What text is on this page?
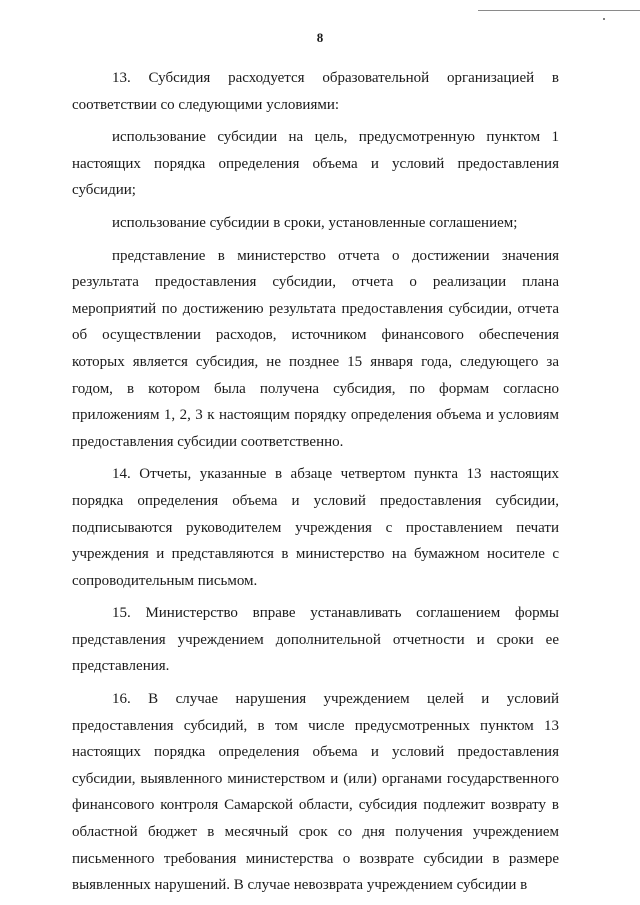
8

13. Субсидия расходуется образовательной организацией в соответствии со следующими условиями:

использование субсидии на цель, предусмотренную пунктом 1 настоящих порядка определения объема и условий предоставления субсидии;

использование субсидии в сроки, установленные соглашением;

представление в министерство отчета о достижении значения результата предоставления субсидии, отчета о реализации плана мероприятий по достижению результата предоставления субсидии, отчета об осуществлении расходов, источником финансового обеспечения которых является субсидия, не позднее 15 января года, следующего за годом, в котором была получена субсидия, по формам согласно приложениям 1, 2, 3 к настоящим порядку определения объема и условиям предоставления субсидии соответственно.

14. Отчеты, указанные в абзаце четвертом пункта 13 настоящих порядка определения объема и условий предоставления субсидии, подписываются руководителем учреждения с проставлением печати учреждения и представляются в министерство на бумажном носителе с сопроводительным письмом.

15. Министерство вправе устанавливать соглашением формы представления учреждением дополнительной отчетности и сроки ее представления.

16. В случае нарушения учреждением целей и условий предоставления субсидий, в том числе предусмотренных пунктом 13 настоящих порядка определения объема и условий предоставления субсидии, выявленного министерством и (или) органами государственного финансового контроля Самарской области, субсидия подлежит возврату в областной бюджет в месячный срок со дня получения учреждением письменного требования министерства о возврате субсидии в размере выявленных нарушений. В случае невозврата учреждением субсидии в
